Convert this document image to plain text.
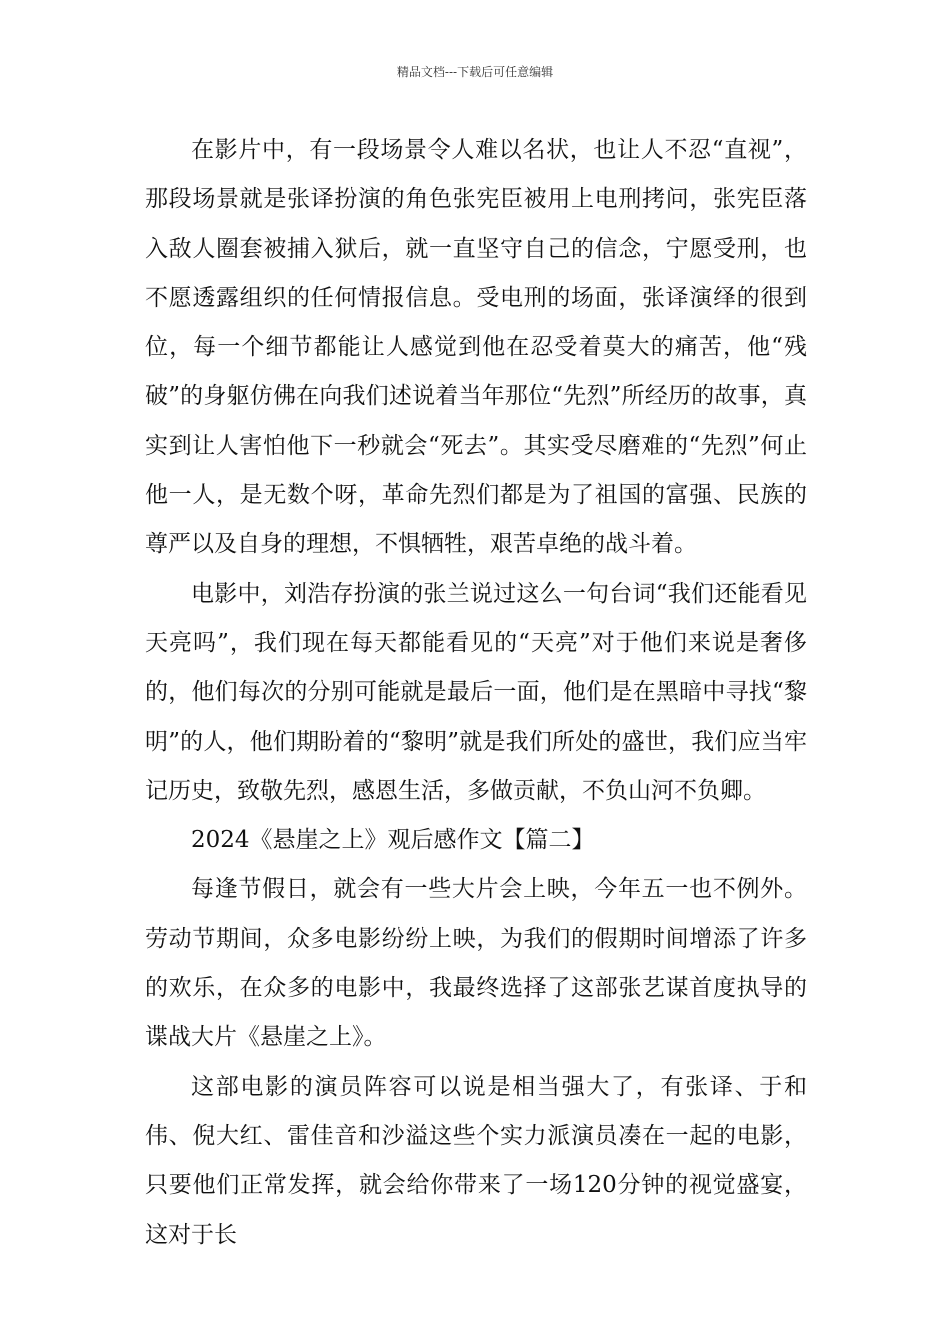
精品文档---下载后可任意编辑

在影片中，有一段场景令人难以名状，也让人不忍“直视”，那段场景就是张译扮演的角色张宪臣被用上电刑拷问，张宪臣落入敌人圈套被捕入狱后，就一直坚守自己的信念，宁愿受刑，也不愿透露组织的任何情报信息。受电刑的场面，张译演绎的很到位，每一个细节都能让人感觉到他在忍受着莫大的痛苦，他“残破”的身躯仿佛在向我们述说着当年那位“先烈”所经历的故事，真实到让人害怕他下一秒就会“死去”。其实受尽磨难的“先烈”何止他一人，是无数个呀，革命先烈们都是为了祖国的富强、民族的尊严以及自身的理想，不惧牺牲，艰苦卓绝的战斗着。

电影中，刘浩存扮演的张兰说过这么一句台词“我们还能看见天亮吗”，我们现在每天都能看见的“天亮”对于他们来说是奢侈的，他们每次的分别可能就是最后一面，他们是在黑暗中寻找“黎明”的人，他们期盼着的“黎明”就是我们所处的盛世，我们应当牢记历史，致敬先烈，感恩生活，多做贡献，不负山河不负卿。

2024《悬崖之上》观后感作文【篇二】

每逢节假日，就会有一些大片会上映，今年五一也不例外。劳动节期间，众多电影纷纷上映，为我们的假期时间增添了许多的欢乐，在众多的电影中，我最终选择了这部张艺谋首度执导的谍战大片《悬崖之上》。

这部电影的演员阵容可以说是相当强大了，有张译、于和伟、倪大红、雷佳音和沙溢这些个实力派演员凑在一起的电影，只要他们正常发挥，就会给你带来了一场120分钟的视觉盛宴，这对于长
